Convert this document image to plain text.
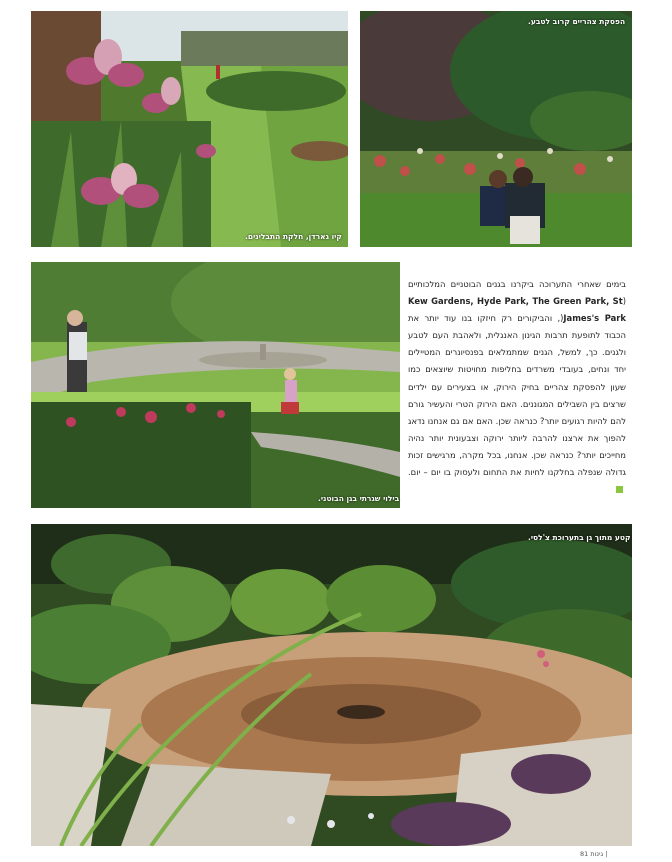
קיו גארדן, חלקת התבלינים.
הפסקת צהריים קרוב לטבע.
בילוי שגרתי בגן הבוטני.
בימים שאחרי התערוכה ביקרנו בגנים הבוטניים המלכותיים (Kew Gardens, Hyde Park, The Green Park, St James's Park(, והביקורים רק חיזקו בנו עוד יותר את הכבוד לתופעת תרבות הגינון האנגלית, ולאהבת העם לטבע ולגנים. כך, למשל, הגנים שמתמלאים בפנסיונרים המטיילים יחד ונחים, בעובדי משרדים בחליפות מחויטות שיוצאים כמו שעון להפסקת צהריים בחיק הירוק, או בצעירים עם ילדים שרצים בין השבילים המגוננים. האם הירוק הטרי והעשיר גורם להם להיות רגועים יותר? כנראה שכן. האם אם גם אנחנו נדאג להפוך את ארצנו להרבה ליותר ירוקה וצבעונית יותר נהיה מחייכים יותר? כנראה שכן. אנחנו, בכל מקרה, מרגישים זכות גדולה שנפלה בחלקנו לחיות את התחום ולעסוק בו יום – יום.
קטע מתוך גן בתערוכת צ'לסי.
| גינות 81
